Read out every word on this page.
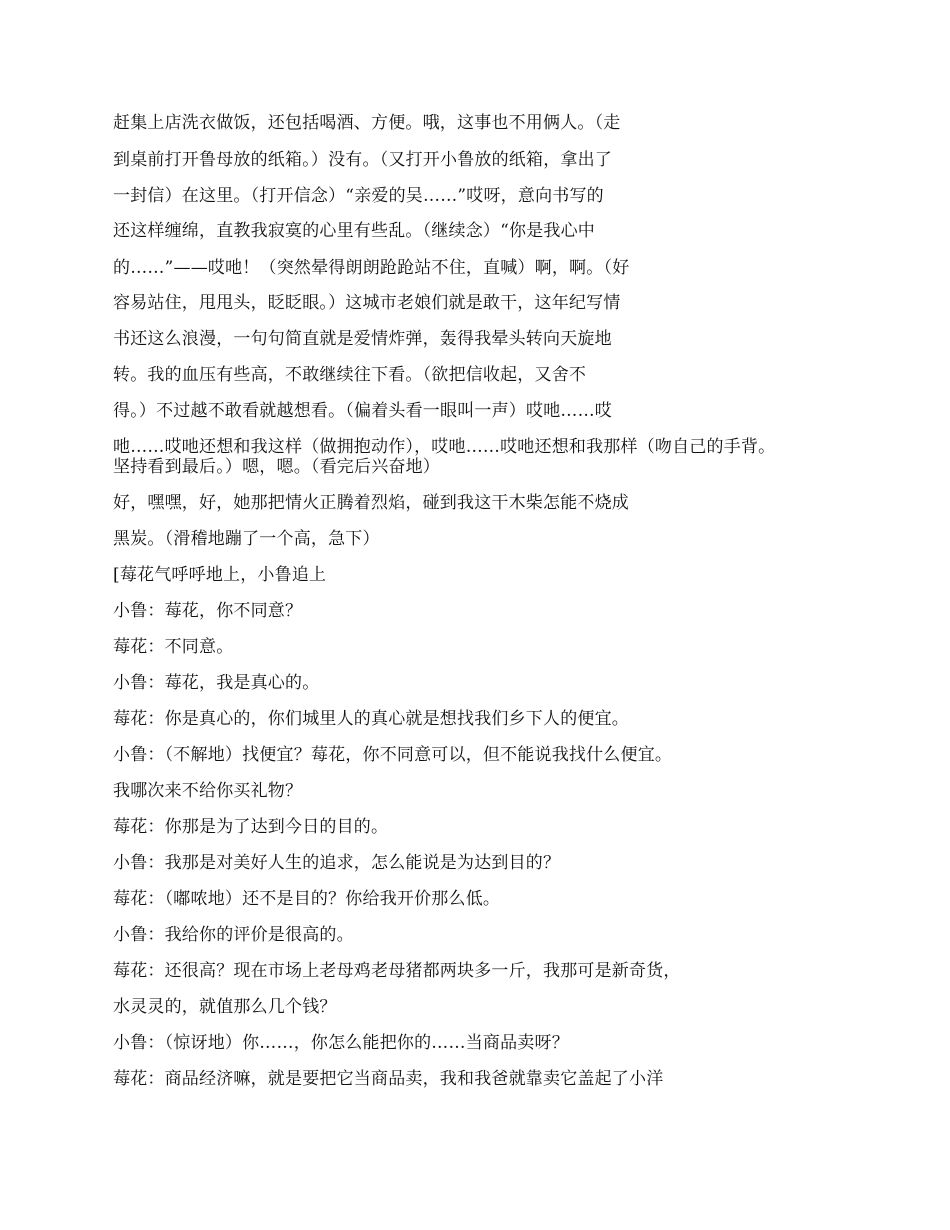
赶集上店洗衣做饭，还包括喝酒、方便。哦，这事也不用俩人。（走
到桌前打开鲁母放的纸箱。）没有。（又打开小鲁放的纸箱，拿出了
一封信）在这里。（打开信念）“亲爱的吴……”哎呀，意向书写的
还这样缠绵，直教我寂寞的心里有些乱。（继续念）“你是我心中
的……”——哎吔！（突然晕得朗朗跄跄站不住，直喊）啊，啊。（好
容易站住，甩甩头，眨眨眼。）这城市老娘们就是敢干，这年纪写情
书还这么浪漫，一句句简直就是爱情炸弹，轰得我晕头转向天旋地
转。我的血压有些高，不敢继续往下看。（欲把信收起，又舍不
得。）不过越不敢看就越想看。（偏着头看一眼叫一声）哎吔……哎
吔……哎吔还想和我这样（做拥抱动作），哎吔……哎吔还想和我那样（吻自己的手背。
坚持看到最后。）嗯，嗯。（看完后兴奋地）
好，嘿嘿，好，她那把情火正腾着烈焰，碰到我这干木柴怎能不烧成
黑炭。（滑稽地蹦了一个高，急下）
[莓花气呼呼地上，小鲁追上
小鲁：莓花，你不同意？
莓花：不同意。
小鲁：莓花，我是真心的。
莓花：你是真心的，你们城里人的真心就是想找我们乡下人的便宜。
小鲁：（不解地）找便宜？莓花，你不同意可以，但不能说我找什么便宜。
我哪次来不给你买礼物？
莓花：你那是为了达到今日的目的。
小鲁：我那是对美好人生的追求，怎么能说是为达到目的？
莓花：（嘟哝地）还不是目的？你给我开价那么低。
小鲁：我给你的评价是很高的。
莓花：还很高？现在市场上老母鸡老母猪都两块多一斤，我那可是新奇货，
水灵灵的，就值那么几个钱？
小鲁：（惊讶地）你……，你怎么能把你的……当商品卖呀？
莓花：商品经济嘛，就是要把它当商品卖，我和我爸就靠卖它盖起了小洋
